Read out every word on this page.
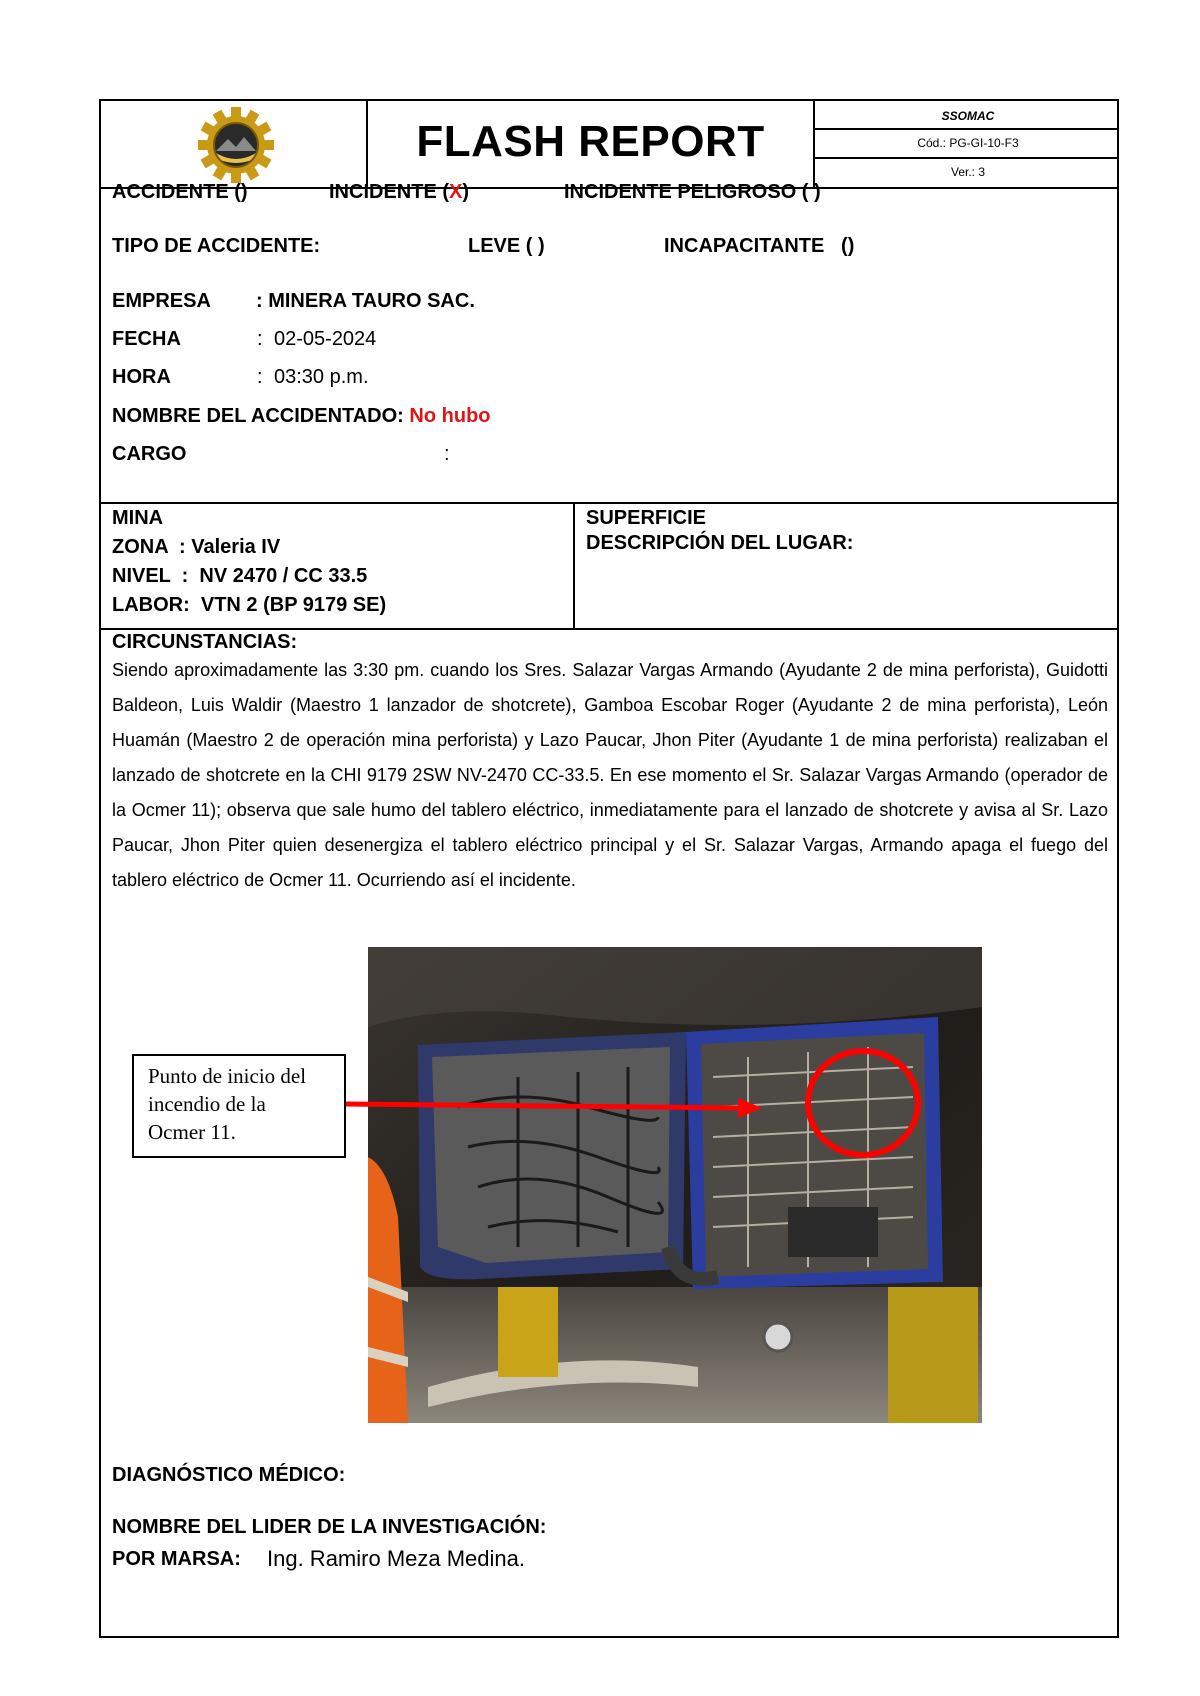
FLASH REPORT
SSOMAC
Cód.: PG-GI-10-F3
Ver.: 3
ACCIDENTE ()	INCIDENTE (X)	INCIDENTE PELIGROSO ( )
TIPO DE ACCIDENTE:	LEVE ( )	INCAPACITANTE   ()
EMPRESA : MINERA TAURO SAC.
FECHA	: 02-05-2024
HORA	: 03:30 p.m.
NOMBRE DEL ACCIDENTADO: No hubo
CARGO	:
MINA
ZONA  : Valeria IV
NIVEL  :  NV 2470 / CC 33.5
LABOR:  VTN 2 (BP 9179 SE)
SUPERFICIE
DESCRIPCIÓN DEL LUGAR:
CIRCUNSTANCIAS:
Siendo aproximadamente las 3:30 pm. cuando los Sres. Salazar Vargas Armando (Ayudante 2 de mina perforista), Guidotti Baldeon, Luis Waldir (Maestro 1 lanzador de shotcrete), Gamboa Escobar Roger (Ayudante 2 de mina perforista), León Huamán (Maestro 2 de operación mina perforista) y Lazo Paucar, Jhon Piter (Ayudante 1 de mina perforista) realizaban el lanzado de shotcrete en la CHI 9179 2SW NV-2470 CC-33.5. En ese momento el Sr. Salazar Vargas Armando (operador de la Ocmer 11); observa que sale humo del tablero eléctrico, inmediatamente para el lanzado de shotcrete y avisa al Sr. Lazo Paucar, Jhon Piter quien desenergiza el tablero eléctrico principal y el Sr. Salazar Vargas, Armando apaga el fuego del tablero eléctrico de Ocmer 11. Ocurriendo así el incidente.
Punto de inicio del
incendio de la
Ocmer 11.
DIAGNÓSTICO MÉDICO:
NOMBRE DEL LIDER DE LA INVESTIGACIÓN:
POR MARSA: Ing. Ramiro Meza Medina.
